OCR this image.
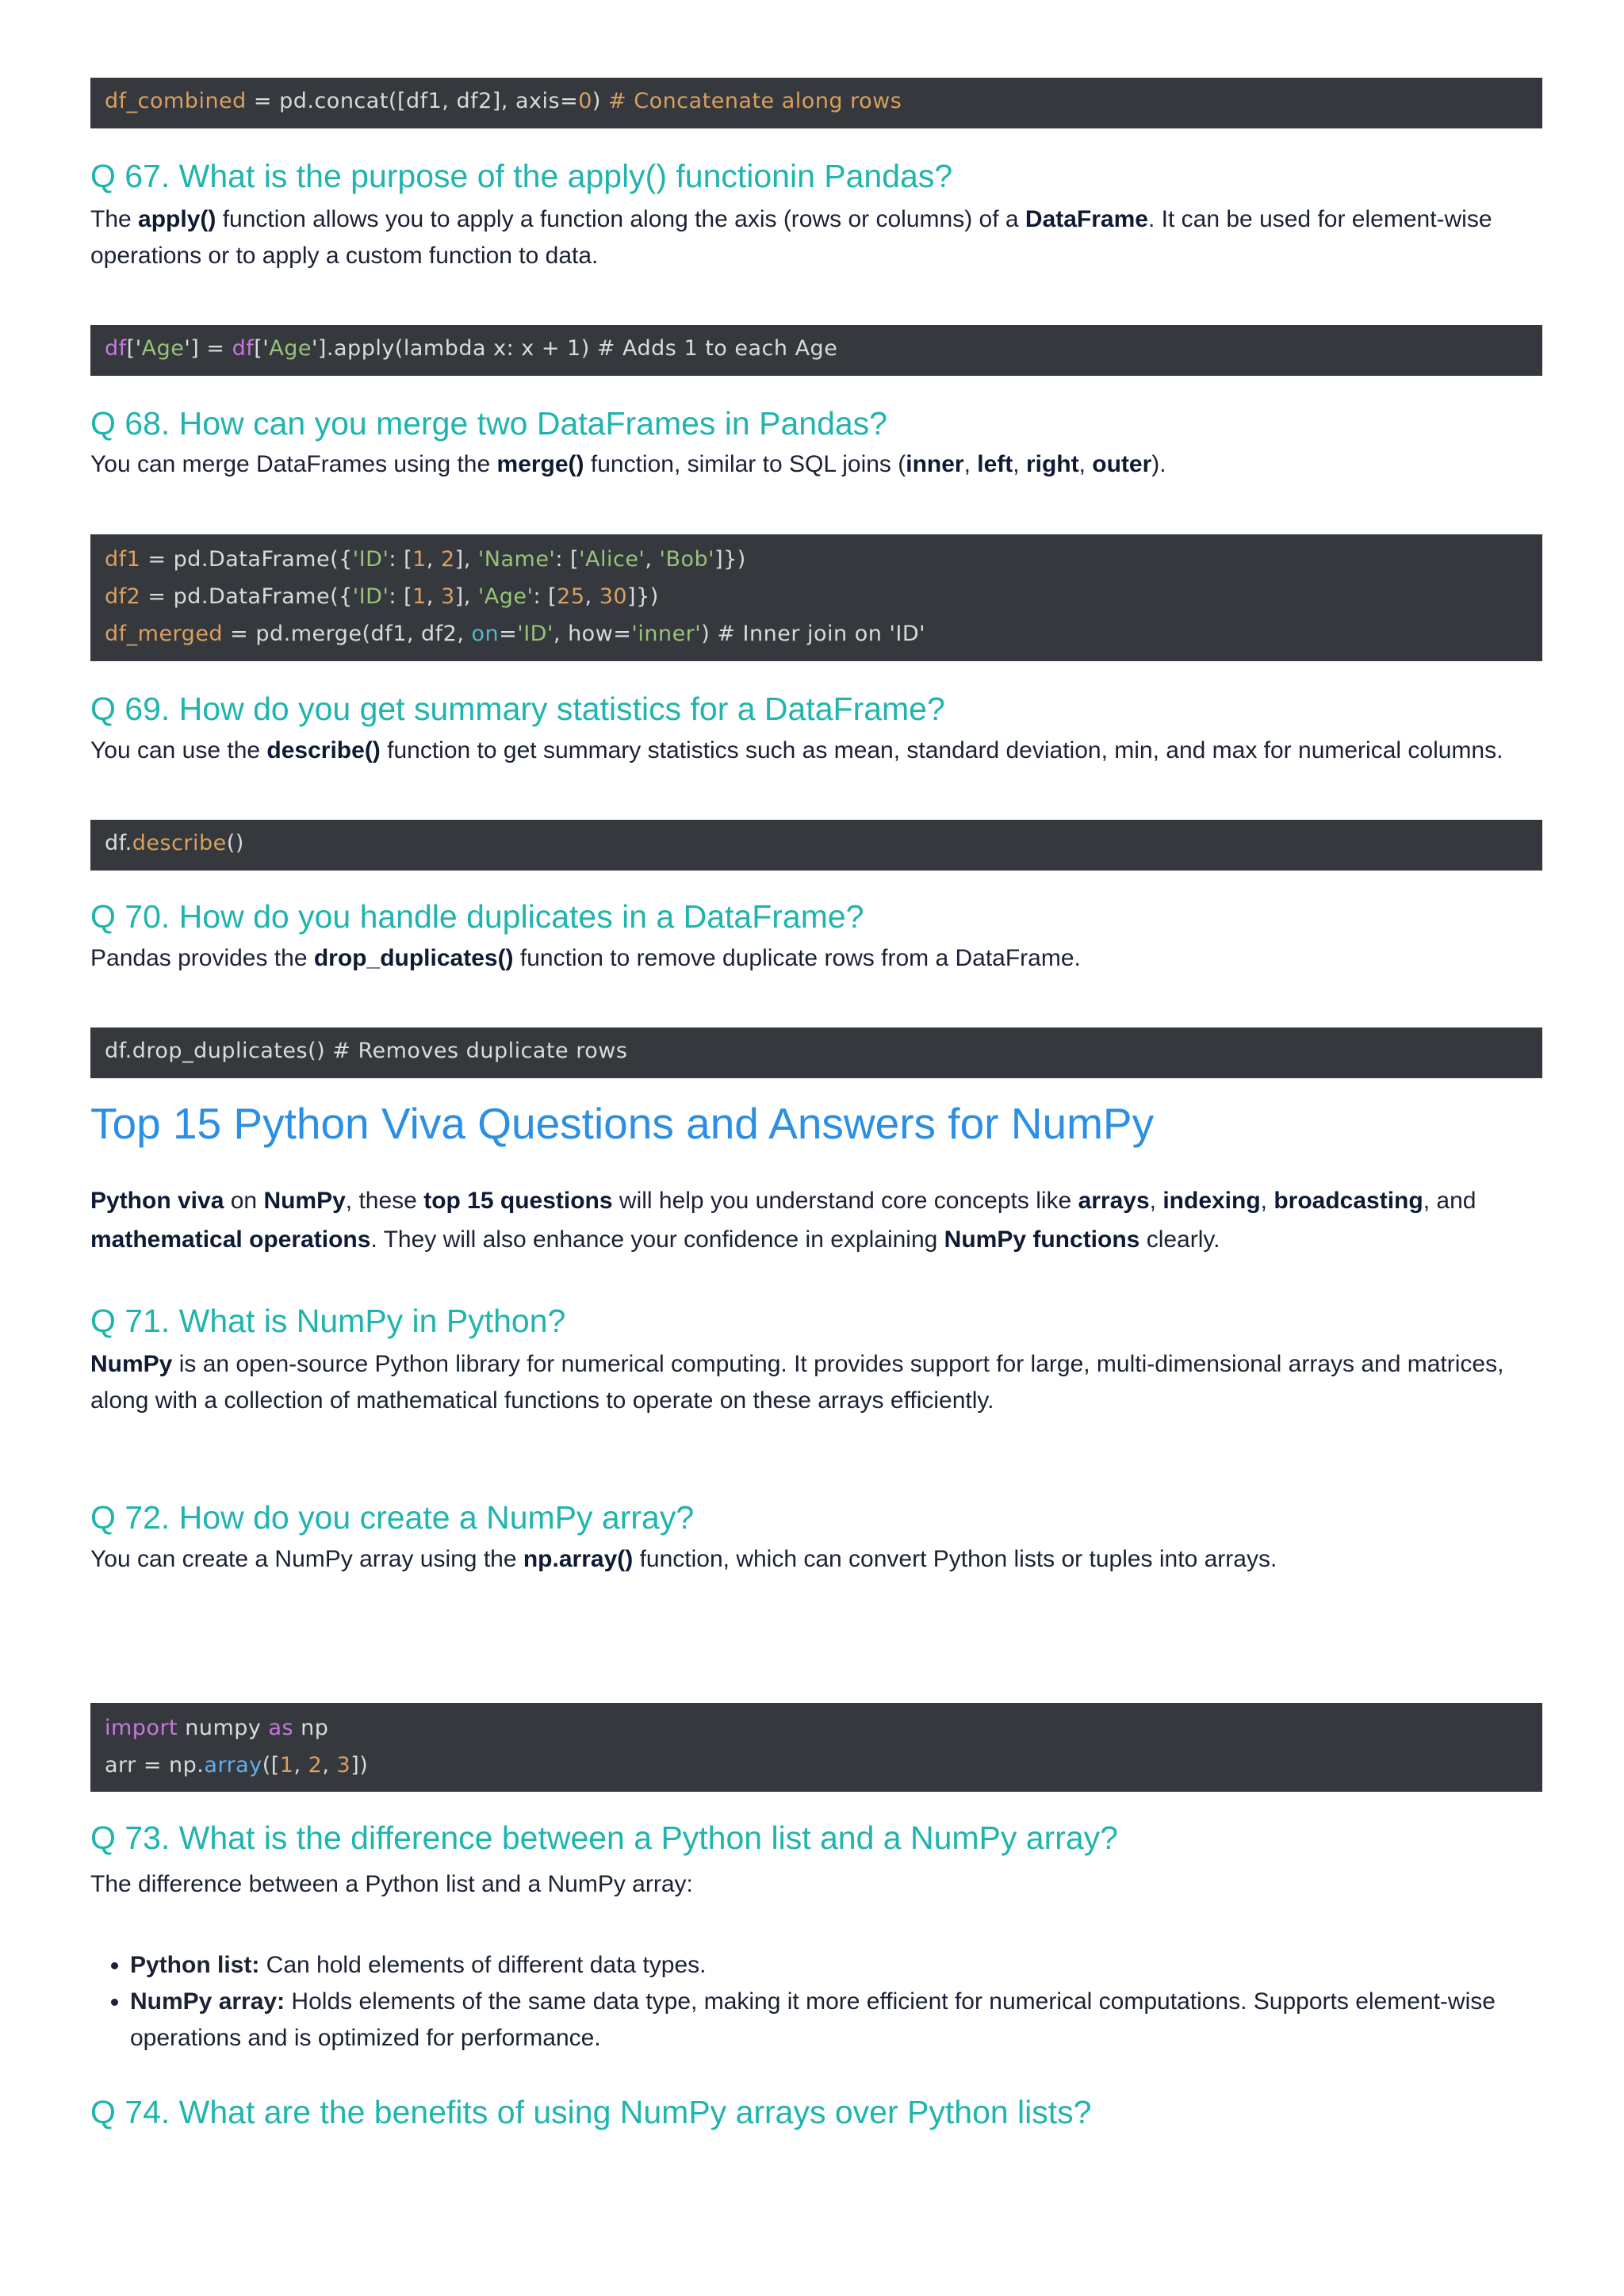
df_combined = pd.concat([df1, df2], axis=0) # Concatenate along rows
Q 67. What is the purpose of the apply() functionin Pandas?

The apply() function allows you to apply a function along the axis (rows or columns) of a DataFrame. It can be used for element-wise operations or to apply a custom function to data.

df['Age'] = df['Age'].apply(lambda x: x + 1) # Adds 1 to each Age
Q 68. How can you merge two DataFrames in Pandas?

You can merge DataFrames using the merge() function, similar to SQL joins (inner, left, right, outer).

df1 = pd.DataFrame({'ID': [1, 2], 'Name': ['Alice', 'Bob']})
df2 = pd.DataFrame({'ID': [1, 3], 'Age': [25, 30]})
df_merged = pd.merge(df1, df2, on='ID', how='inner') # Inner join on 'ID'
Q 69. How do you get summary statistics for a DataFrame?

You can use the describe() function to get summary statistics such as mean, standard deviation, min, and max for numerical columns.

df.describe()
Q 70. How do you handle duplicates in a DataFrame?

Pandas provides the drop_duplicates() function to remove duplicate rows from a DataFrame.

df.drop_duplicates() # Removes duplicate rows
Top 15 Python Viva Questions and Answers for NumPy

Python viva on NumPy, these top 15 questions will help you understand core concepts like arrays, indexing, broadcasting, and mathematical operations. They will also enhance your confidence in explaining NumPy functions clearly.

Q 71. What is NumPy in Python?

NumPy is an open-source Python library for numerical computing. It provides support for large, multi-dimensional arrays and matrices, along with a collection of mathematical functions to operate on these arrays efficiently.

Q 72. How do you create a NumPy array?

You can create a NumPy array using the np.array() function, which can convert Python lists or tuples into arrays.

import numpy as np
arr = np.array([1, 2, 3])
Q 73. What is the difference between a Python list and a NumPy array?

The difference between a Python list and a NumPy array:

• Python list: Can hold elements of different data types.
• NumPy array: Holds elements of the same data type, making it more efficient for numerical computations. Supports element-wise operations and is optimized for performance.
Q 74. What are the benefits of using NumPy arrays over Python lists?
